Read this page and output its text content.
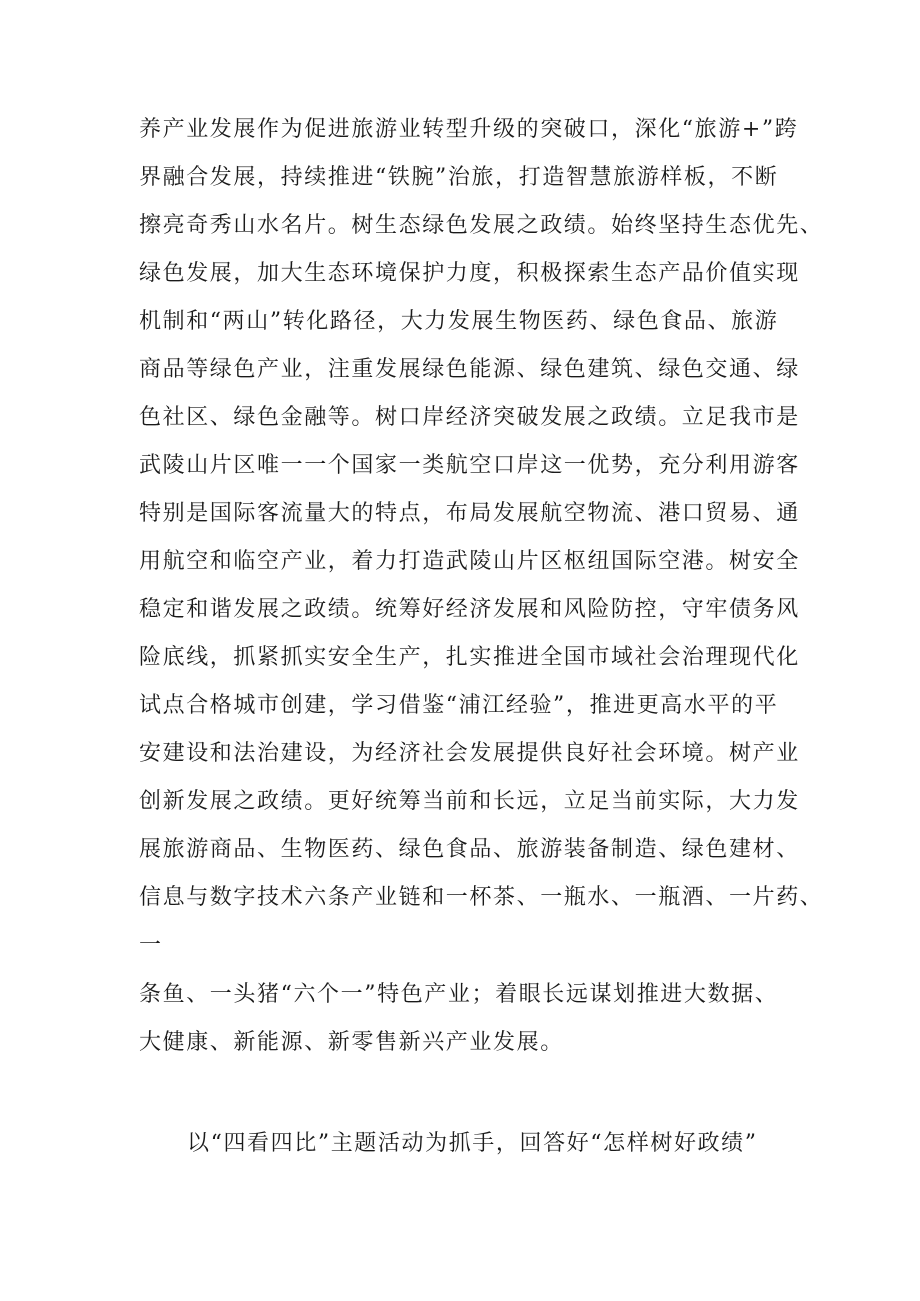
养产业发展作为促进旅游业转型升级的突破口，深化“旅游+”跨
界融合发展，持续推进“铁腕”治旅，打造智慧旅游样板，不断
擦亮奇秀山水名片。树生态绿色发展之政绩。始终坚持生态优先、
绿色发展，加大生态环境保护力度，积极探索生态产品价值实现
机制和“两山”转化路径，大力发展生物医药、绿色食品、旅游
商品等绿色产业，注重发展绿色能源、绿色建筑、绿色交通、绿
色社区、绿色金融等。树口岸经济突破发展之政绩。立足我市是
武陵山片区唯一一个国家一类航空口岸这一优势，充分利用游客
特别是国际客流量大的特点，布局发展航空物流、港口贸易、通
用航空和临空产业，着力打造武陵山片区枢纽国际空港。树安全
稳定和谐发展之政绩。统筹好经济发展和风险防控，守牢债务风
险底线，抓紧抓实安全生产，扎实推进全国市域社会治理现代化
试点合格城市创建，学习借鉴“浦江经验”，推进更高水平的平
安建设和法治建设，为经济社会发展提供良好社会环境。树产业
创新发展之政绩。更好统筹当前和长远，立足当前实际，大力发
展旅游商品、生物医药、绿色食品、旅游装备制造、绿色建材、
信息与数字技术六条产业链和一杯茶、一瓶水、一瓶酒、一片药、
一
条鱼、一头猪“六个一”特色产业；着眼长远谋划推进大数据、
大健康、新能源、新零售新兴产业发展。
以“四看四比”主题活动为抓手，回答好“怎样树好政绩”
